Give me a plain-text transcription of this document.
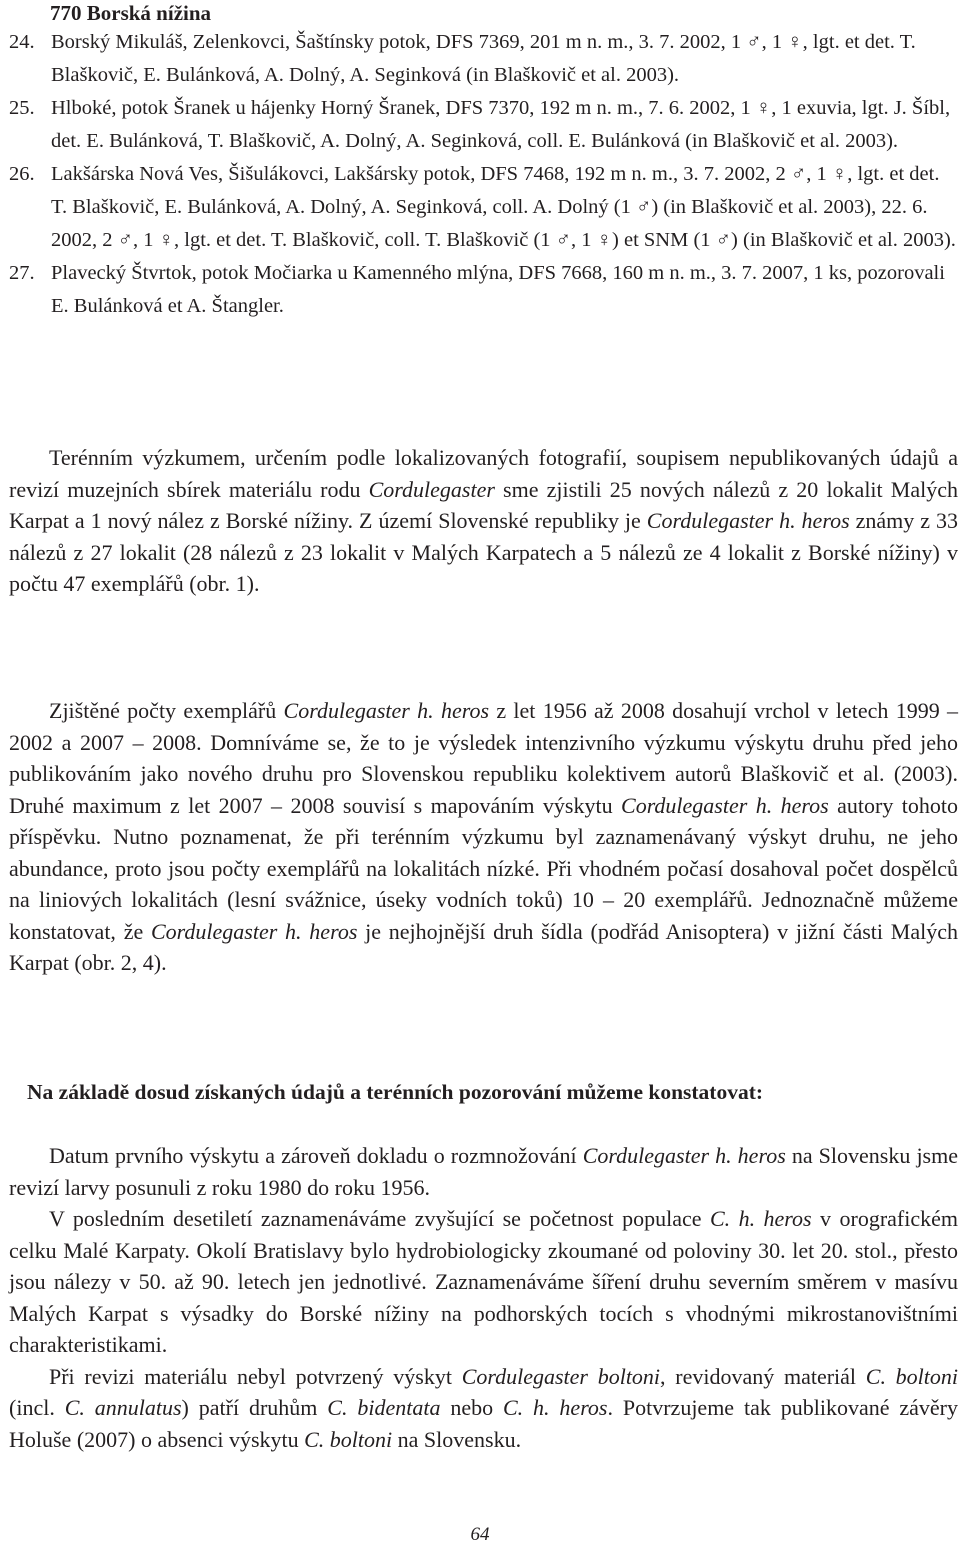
770 Borská nížina
24. Borský Mikuláš, Zelenkovci, Šaštínsky potok, DFS 7369, 201 m n. m., 3. 7. 2002, 1 ♂, 1 ♀, lgt. et det. T. Blaškovič, E. Bulánková, A. Dolný, A. Seginková (in Blaškovič et al. 2003).
25. Hlboké, potok Šranek u hájenky Horný Šranek, DFS 7370, 192 m n. m., 7. 6. 2002, 1 ♀, 1 exuvia, lgt. J. Šíbl, det. E. Bulánková, T. Blaškovič, A. Dolný, A. Seginková, coll. E. Bulánková (in Blaškovič et al. 2003).
26. Lakšárska Nová Ves, Šišulákovci, Lakšársky potok, DFS 7468, 192 m n. m., 3. 7. 2002, 2 ♂, 1 ♀, lgt. et det. T. Blaškovič, E. Bulánková, A. Dolný, A. Seginková, coll. A. Dolný (1 ♂) (in Blaškovič et al. 2003), 22. 6. 2002, 2 ♂, 1 ♀, lgt. et det. T. Blaškovič, coll. T. Blaškovič (1 ♂, 1 ♀) et SNM (1 ♂) (in Blaškovič et al. 2003).
27. Plavecký Štvrtok, potok Močiarka u Kamenného mlýna, DFS 7668, 160 m n. m., 3. 7. 2007, 1 ks, pozorovali E. Bulánková et A. Štangler.
Terénním výzkumem, určením podle lokalizovaných fotografií, soupisem nepublikovaných údajů a revizí muzejních sbírek materiálu rodu Cordulegaster sme zjistili 25 nových nálezů z 20 lokalit Malých Karpat a 1 nový nález z Borské nížiny. Z území Slovenské republiky je Cordulegaster h. heros známy z 33 nálezů z 27 lokalit (28 nálezů z 23 lokalit v Malých Karpatech a 5 nálezů ze 4 lokalit z Borské nížiny) v počtu 47 exemplářů (obr. 1).
Zjištěné počty exemplářů Cordulegaster h. heros z let 1956 až 2008 dosahují vrchol v letech 1999 – 2002 a 2007 – 2008. Domníváme se, že to je výsledek intenzivního výzkumu výskytu druhu před jeho publikováním jako nového druhu pro Slovenskou republiku kolektivem autorů Blaškovič et al. (2003). Druhé maximum z let 2007 – 2008 souvisí s mapováním výskytu Cordulegaster h. heros autory tohoto příspěvku. Nutno poznamenat, že při terénním výzkumu byl zaznamenávaný výskyt druhu, ne jeho abundance, proto jsou počty exemplářů na lokalitách nízké. Při vhodném počasí dosahoval počet dospělců na liniových lokalitách (lesní svážnice, úseky vodních toků) 10 – 20 exemplářů. Jednoznačně můžeme konstatovat, že Cordulegaster h. heros je nejhojnější druh šídla (podřád Anisoptera) v jižní části Malých Karpat (obr. 2, 4).
Na základě dosud získaných údajů a terénních pozorování můžeme konstatovat:

Datum prvního výskytu a zároveň dokladu o rozmnožování Cordulegaster h. heros na Slovensku jsme revizí larvy posunuli z roku 1980 do roku 1956.

V posledním desetiletí zaznamenáváme zvyšující se početnost populace C. h. heros v orografickém celku Malé Karpaty. Okolí Bratislavy bylo hydrobiologicky zkoumané od poloviny 30. let 20. stol., přesto jsou nálezy v 50. až 90. letech jen jednotlivé. Zaznamenáváme šíření druhu severním směrem v masívu Malých Karpat s výsadky do Borské nížiny na podhorských tocích s vhodnými mikrostanovištními charakteristikami.

Při revizi materiálu nebyl potvrzený výskyt Cordulegaster boltoni, revidovaný materiál C. boltoni (incl. C. annulatus) patří druhům C. bidentata nebo C. h. heros. Potvrzujeme tak publikované závěry Holuše (2007) o absenci výskytu C. boltoni na Slovensku.

64
